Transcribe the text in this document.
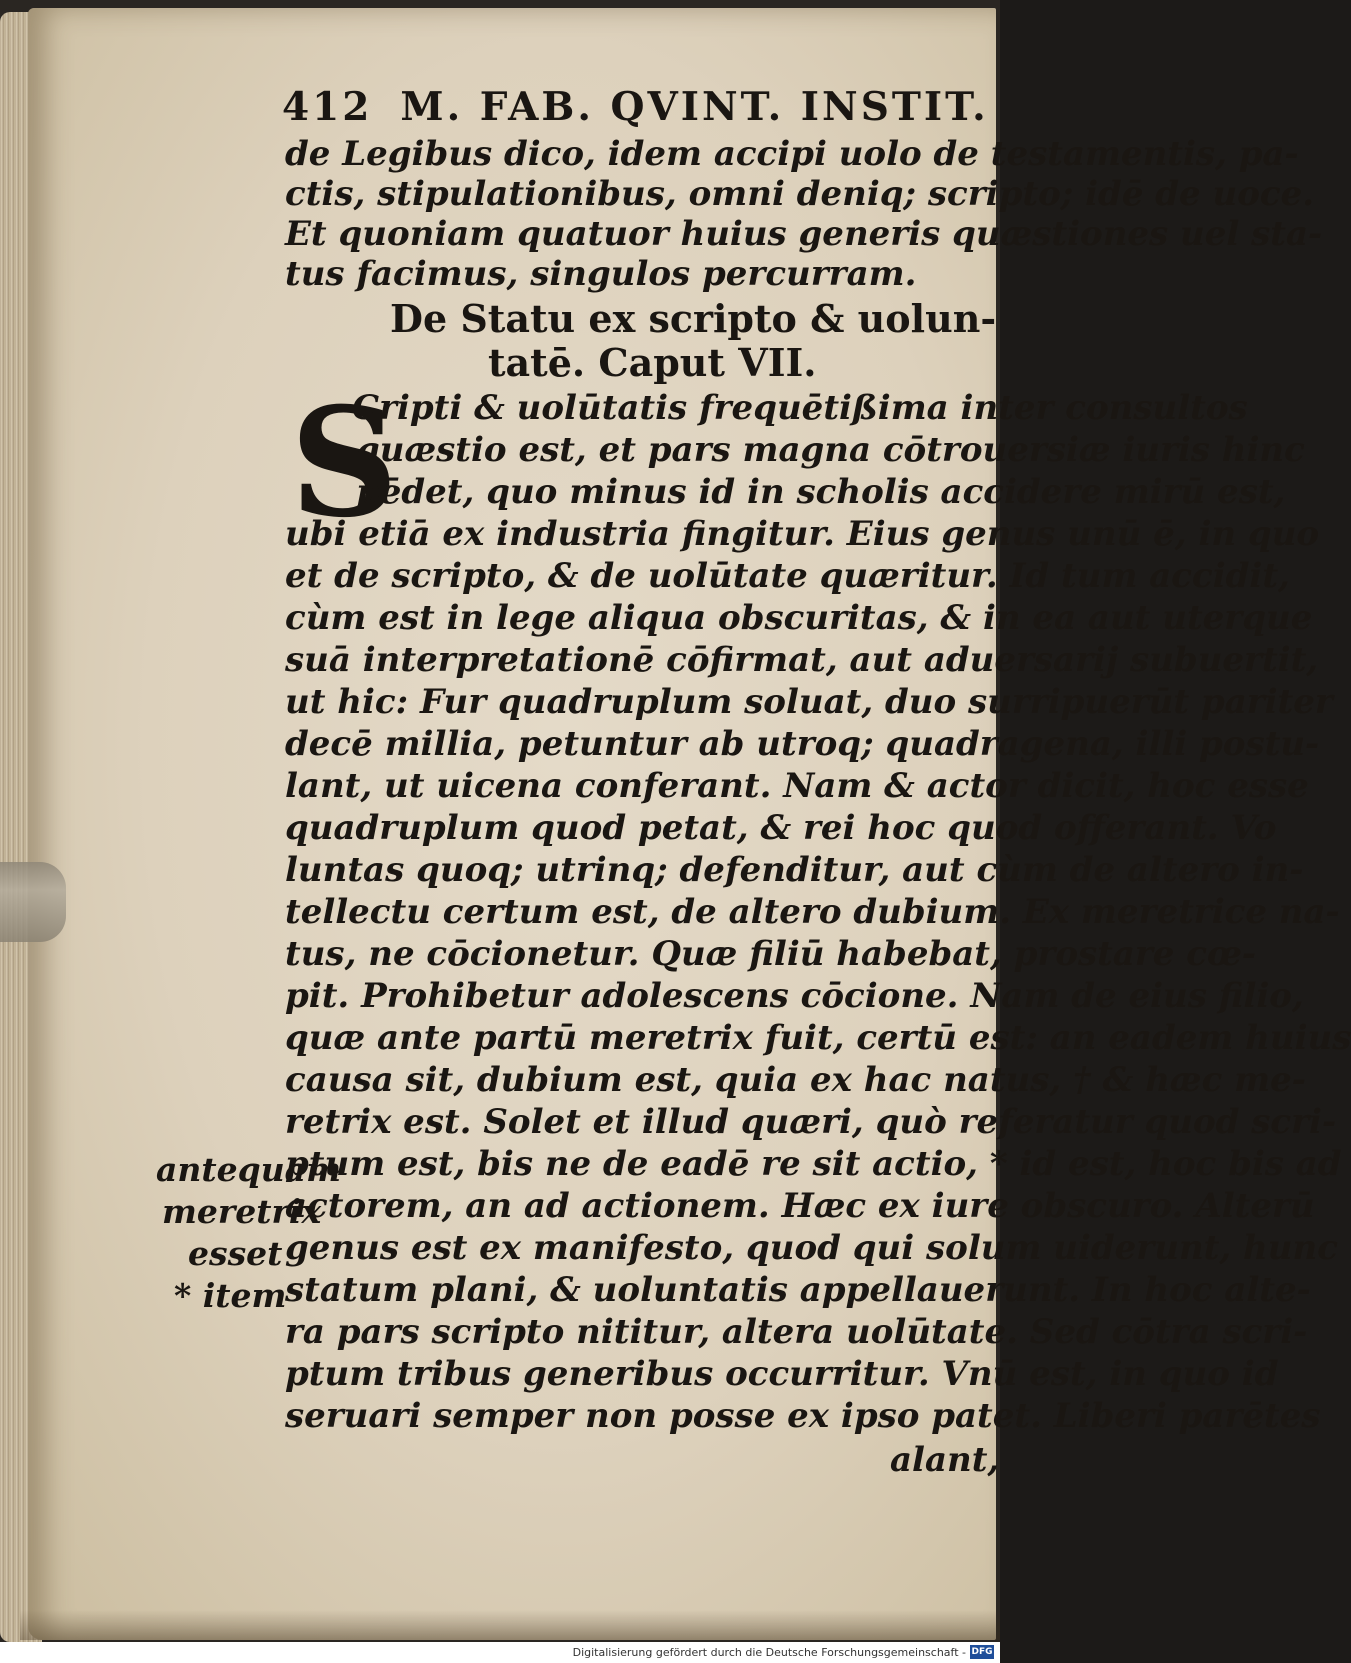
412 M. FAB. QVINT. INSTIT.
de Legibus dico, idem accipi uolo de testamentis, pa-
ctis, stipulationibus, omni deniq; scripto; idē de uoce.
Et quoniam quatuor huius generis quæstiones uel sta-
tus facimus, singulos percurram.
De Statu ex scripto & uolun-
tatē. Caput VII.
S
Cripti & uolūtatis frequētißima inter consultos
quæstio est, et pars magna cōtrouersiæ iuris hinc
pēdet, quo minus id in scholis accidere mirū est,
ubi etiā ex industria fingitur. Eius genus unū ē, in quo
et de scripto, & de uolūtate quæritur. Id tum accidit,
cùm est in lege aliqua obscuritas, & in ea aut uterque
suā interpretationē cōfirmat, aut aduersarij subuertit,
ut hic: Fur quadruplum soluat, duo surripuerūt pariter
decē millia, petuntur ab utroq; quadragena, illi postu-
lant, ut uicena conferant. Nam & actor dicit, hoc esse
quadruplum quod petat, & rei hoc quod offerant. Vo
luntas quoq; utrinq; defenditur, aut cùm de altero in-
tellectu certum est, de altero dubium. Ex meretrice na-
tus, ne cōcionetur. Quæ filiū habebat, prostare cœ-
pit. Prohibetur adolescens cōcione. Nam de eius filio,
quæ ante partū meretrix fuit, certū est: an eadem huius
causa sit, dubium est, quia ex hac natus, † & hæc me-
retrix est. Solet et illud quæri, quò referatur quod scri-
ptum est, bis ne de eadē re sit actio, * id est, hoc bis ad
actorem, an ad actionem. Hæc ex iure obscuro. Alterū
genus est ex manifesto, quod qui solum uiderunt, hunc
statum plani, & uoluntatis appellauerunt. In hoc alte-
ra pars scripto nititur, altera uolūtate. Sed cōtra scri-
ptum tribus generibus occurritur. Vnū est, in quo id
seruari semper non posse ex ipso patet. Liberi parētes
alant,
antequam
meretrix
esset
* item
Digitalisierung gefördert durch die Deutsche Forschungsgemeinschaft - DFG
